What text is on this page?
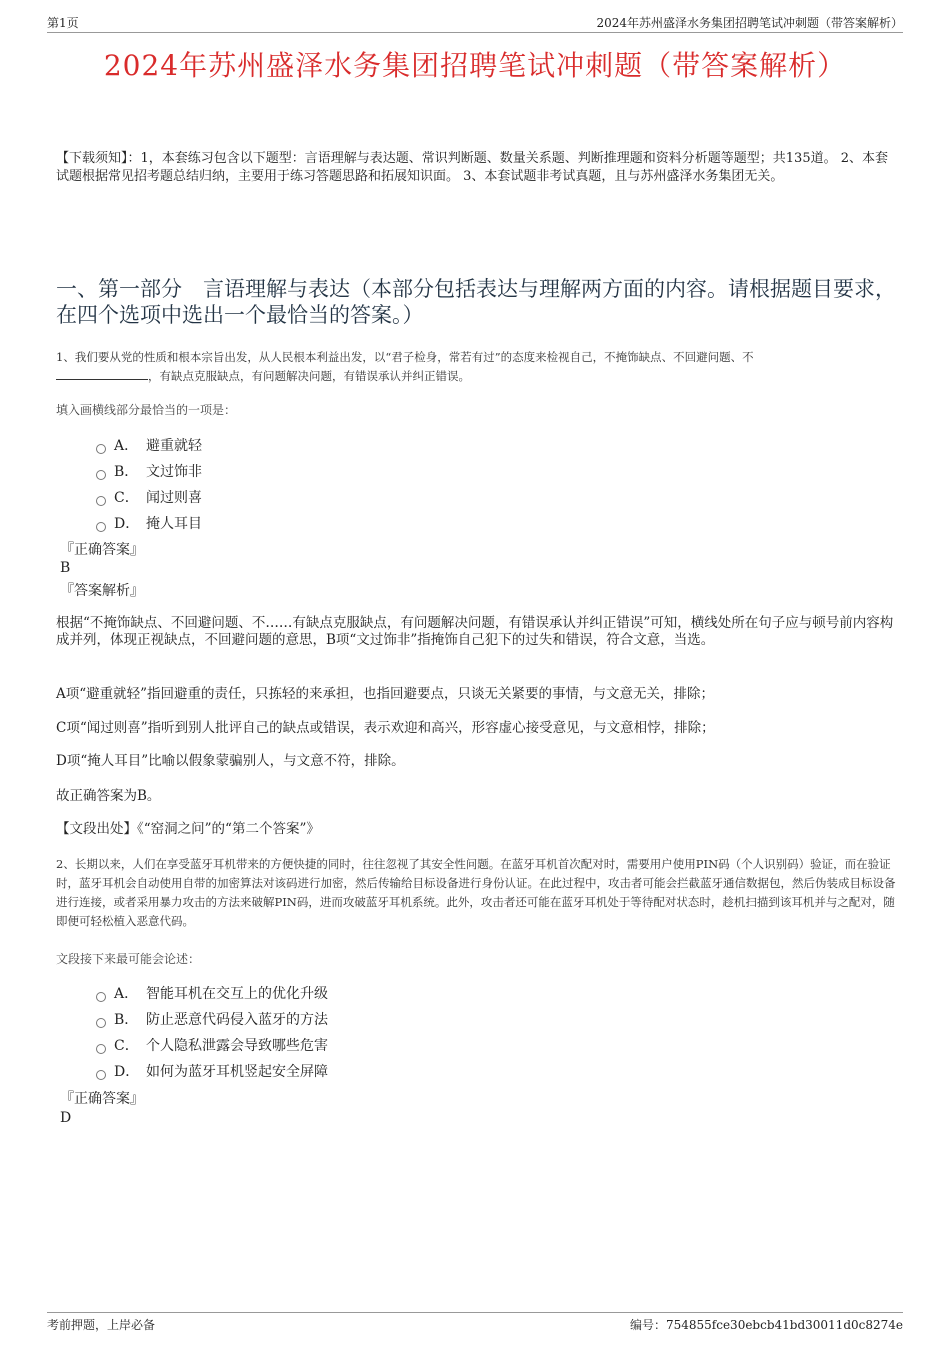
第1页	2024年苏州盛泽水务集团招聘笔试冲刺题（带答案解析）
2024年苏州盛泽水务集团招聘笔试冲刺题（带答案解析）
【下载须知】：1，本套练习包含以下题型：言语理解与表达题、常识判断题、数量关系题、判断推理题和资料分析题等题型；共135道。 2、本套试题根据常见招考题总结归纳，主要用于练习答题思路和拓展知识面。 3、本套试题非考试真题，且与苏州盛泽水务集团无关。
一、第一部分　言语理解与表达（本部分包括表达与理解两方面的内容。请根据题目要求，在四个选项中选出一个最恰当的答案。）
1、我们要从党的性质和根本宗旨出发，从人民根本利益出发，以“君子检身，常若有过”的态度来检视自己，不掩饰缺点、不回避问题、不
，有缺点克服缺点，有问题解决问题，有错误承认并纠正错误。
填入画横线部分最恰当的一项是：
A． 避重就轻
B． 文过饰非
C． 闻过则喜
D． 掩人耳目
『正确答案』
B
『答案解析』
根据“不掩饰缺点、不回避问题、不……有缺点克服缺点，有问题解决问题，有错误承认并纠正错误”可知，横线处所在句子应与顿号前内容构成并列，体现正视缺点，不回避问题的意思，B项“文过饰非”指掩饰自己犯下的过失和错误，符合文意，当选。
A项“避重就轻”指回避重的责任，只拣轻的来承担，也指回避要点，只谈无关紧要的事情，与文意无关，排除；
C项“闻过则喜”指听到别人批评自己的缺点或错误，表示欢迎和高兴，形容虚心接受意见，与文意相悖，排除；
D项“掩人耳目”比喻以假象蒙骗别人，与文意不符，排除。
故正确答案为B。
【文段出处】《“窑洞之问”的“第二个答案”》
2、长期以来，人们在享受蓝牙耳机带来的方便快捷的同时，往往忽视了其安全性问题。在蓝牙耳机首次配对时，需要用户使用PIN码（个人识别码）验证，而在验证时，蓝牙耳机会自动使用自带的加密算法对该码进行加密，然后传输给目标设备进行身份认证。在此过程中，攻击者可能会拦截蓝牙通信数据包，然后伪装成目标设备进行连接，或者采用暴力攻击的方法来破解PIN码，进而攻破蓝牙耳机系统。此外，攻击者还可能在蓝牙耳机处于等待配对状态时，趁机扫描到该耳机并与之配对，随即便可轻松植入恶意代码。
文段接下来最可能会论述：
A． 智能耳机在交互上的优化升级
B． 防止恶意代码侵入蓝牙的方法
C． 个人隐私泄露会导致哪些危害
D． 如何为蓝牙耳机竖起安全屏障
『正确答案』
D
考前押题，上岸必备	编号：754855fce30ebcb41bd30011d0c8274e
